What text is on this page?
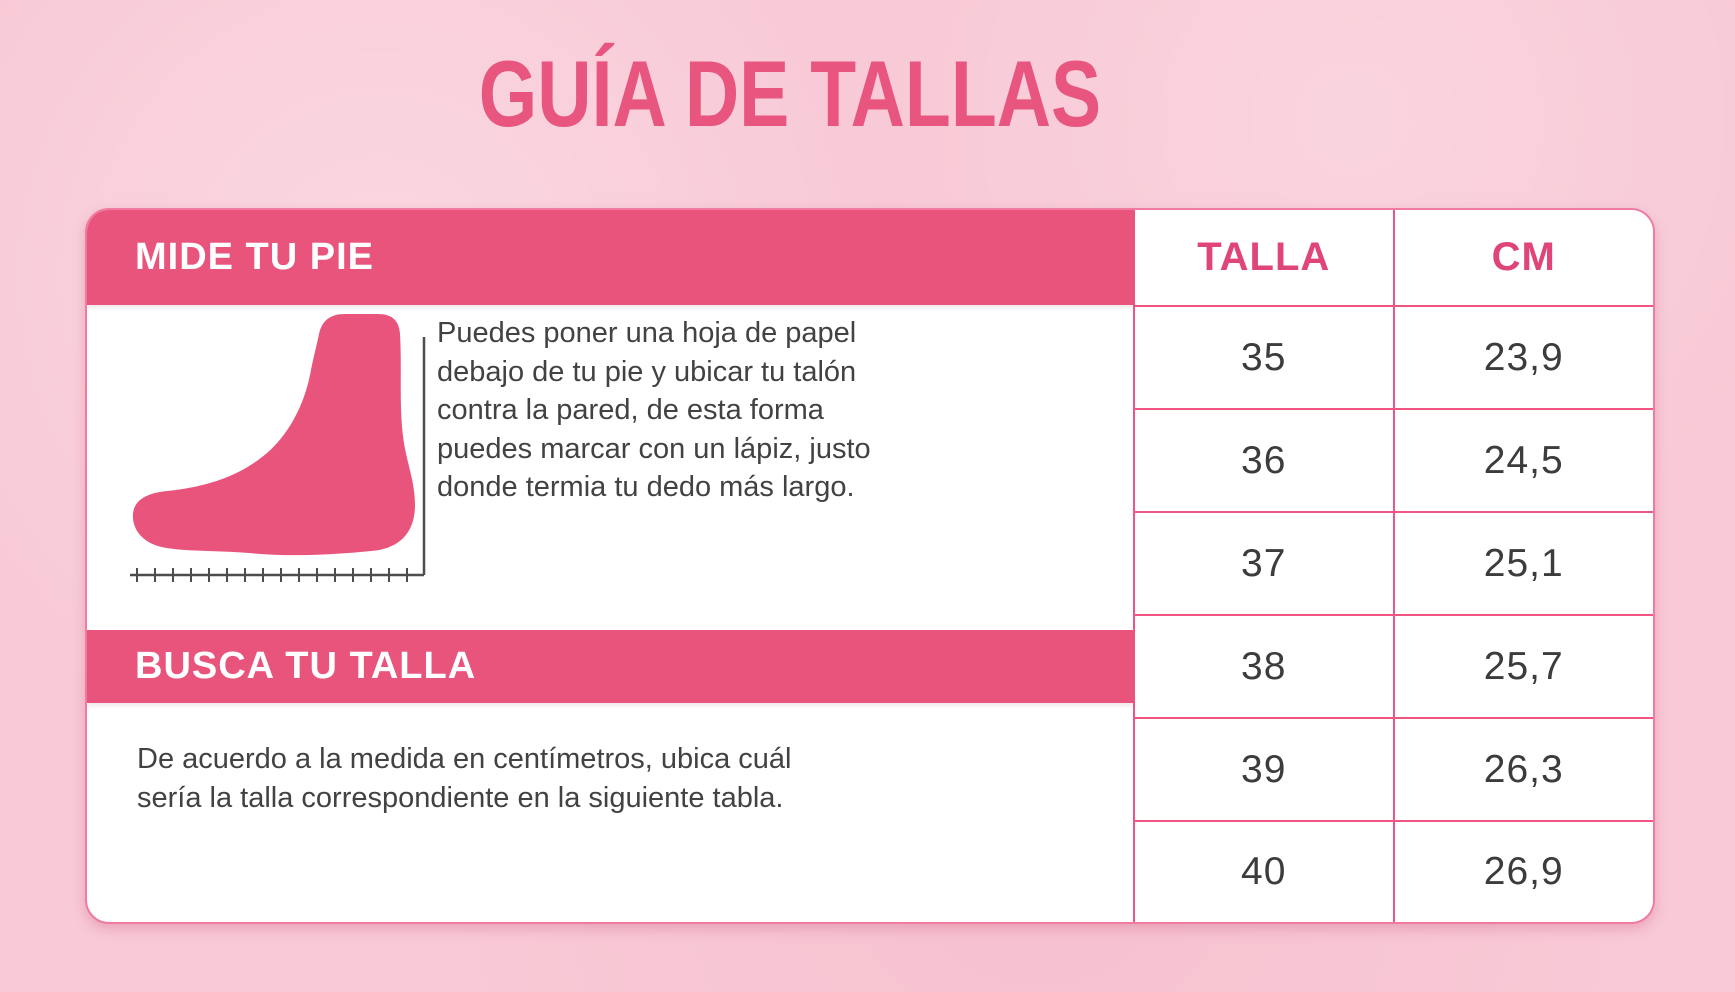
GUÍA DE TALLAS
MIDE TU PIE

Puedes poner una hoja de papel
debajo de tu pie y ubicar tu talón
contra la pared, de esta forma
puedes marcar con un lápiz, justo
donde termia tu dedo más largo.

BUSCA TU TALLA

De acuerdo a la medida en centímetros, ubica cuál
sería la talla correspondiente en la siguiente tabla.

TALLA	CM
35	23,9
36	24,5
37	25,1
38	25,7
39	26,3
40	26,9
